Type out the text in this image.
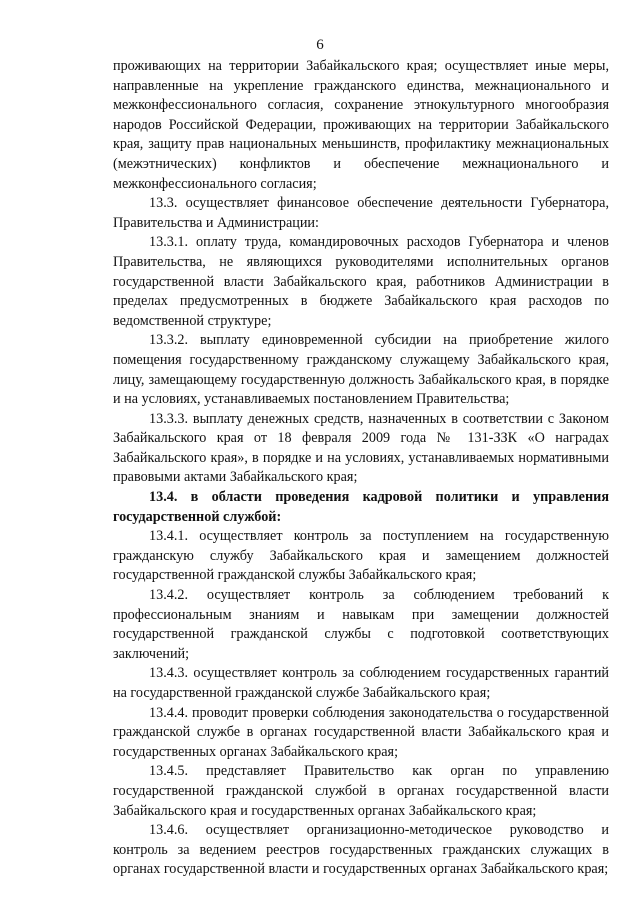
6

проживающих на территории Забайкальского края; осуществляет иные меры, направленные на укрепление гражданского единства, межнационального и межконфессионального согласия, сохранение этнокультурного многообразия народов Российской Федерации, проживающих на территории Забайкальского края, защиту прав национальных меньшинств, профилактику межнациональных (межэтнических) конфликтов и обеспечение межнационального и межконфессионального согласия;

13.3. осуществляет финансовое обеспечение деятельности Губернатора, Правительства и Администрации:

13.3.1. оплату труда, командировочных расходов Губернатора и членов Правительства, не являющихся руководителями исполнительных органов государственной власти Забайкальского края, работников Администрации в пределах предусмотренных в бюджете Забайкальского края расходов по ведомственной структуре;

13.3.2. выплату единовременной субсидии на приобретение жилого помещения государственному гражданскому служащему Забайкальского края, лицу, замещающему государственную должность Забайкальского края, в порядке и на условиях, устанавливаемых постановлением Правительства;

13.3.3. выплату денежных средств, назначенных в соответствии с Законом Забайкальского края от 18 февраля 2009 года № 131-ЗЗК «О наградах Забайкальского края», в порядке и на условиях, устанавливаемых нормативными правовыми актами Забайкальского края;

13.4. в области проведения кадровой политики и управления государственной службой:

13.4.1. осуществляет контроль за поступлением на государственную гражданскую службу Забайкальского края и замещением должностей государственной гражданской службы Забайкальского края;

13.4.2. осуществляет контроль за соблюдением требований к профессиональным знаниям и навыкам при замещении должностей государственной гражданской службы с подготовкой соответствующих заключений;

13.4.3. осуществляет контроль за соблюдением государственных гарантий на государственной гражданской службе Забайкальского края;

13.4.4. проводит проверки соблюдения законодательства о государственной гражданской службе в органах государственной власти Забайкальского края и государственных органах Забайкальского края;

13.4.5. представляет Правительство как орган по управлению государственной гражданской службой в органах государственной власти Забайкальского края и государственных органах Забайкальского края;

13.4.6. осуществляет организационно-методическое руководство и контроль за ведением реестров государственных гражданских служащих в органах государственной власти и государственных органах Забайкальского края;
